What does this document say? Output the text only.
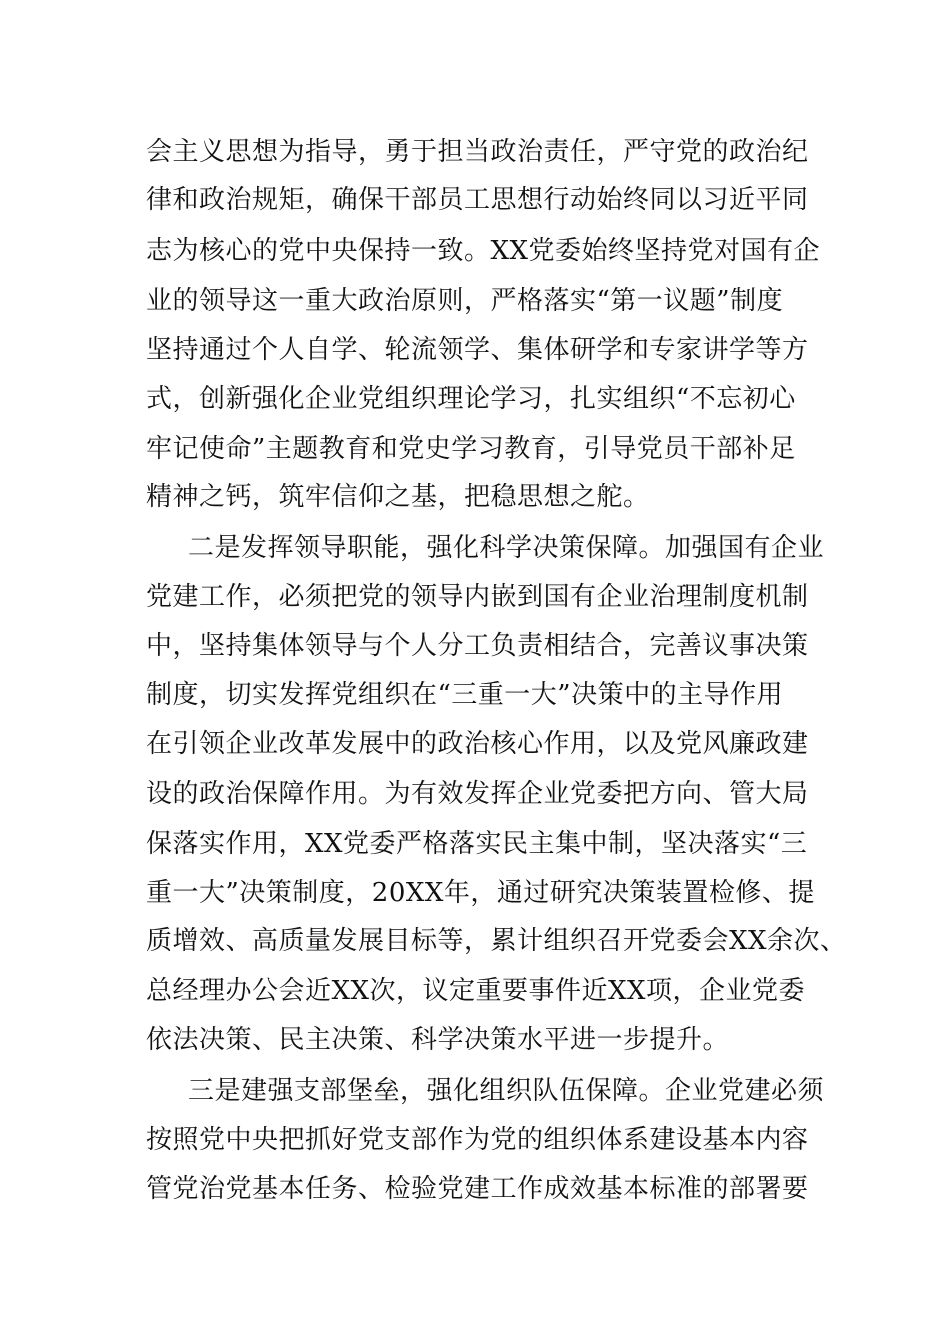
会主义思想为指导，勇于担当政治责任，严守党的政治纪
律和政治规矩，确保干部员工思想行动始终同以习近平同
志为核心的党中央保持一致。XX党委始终坚持党对国有企
业的领导这一重大政治原则，严格落实“第一议题”制度
坚持通过个人自学、轮流领学、集体研学和专家讲学等方
式，创新强化企业党组织理论学习，扎实组织“不忘初心
牢记使命”主题教育和党史学习教育，引导党员干部补足
精神之钙，筑牢信仰之基，把稳思想之舵。
二是发挥领导职能，强化科学决策保障。加强国有企业
党建工作，必须把党的领导内嵌到国有企业治理制度机制
中，坚持集体领导与个人分工负责相结合，完善议事决策
制度，切实发挥党组织在“三重一大”决策中的主导作用
在引领企业改革发展中的政治核心作用，以及党风廉政建
设的政治保障作用。为有效发挥企业党委把方向、管大局
保落实作用，XX党委严格落实民主集中制，坚决落实“三
重一大”决策制度，20XX年，通过研究决策装置检修、提
质增效、高质量发展目标等，累计组织召开党委会XX余次、
总经理办公会近XX次，议定重要事件近XX项，企业党委
依法决策、民主决策、科学决策水平进一步提升。
三是建强支部堡垒，强化组织队伍保障。企业党建必须
按照党中央把抓好党支部作为党的组织体系建设基本内容
管党治党基本任务、检验党建工作成效基本标准的部署要
